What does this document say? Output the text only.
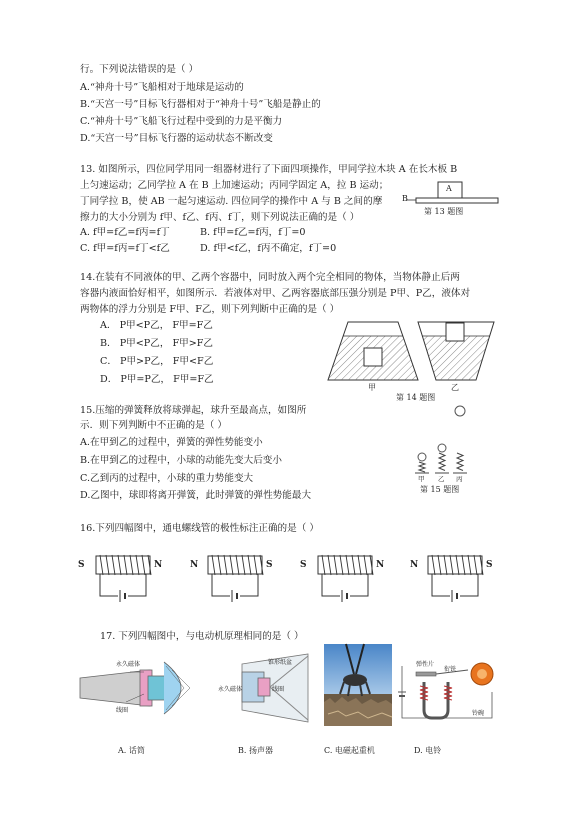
行。下列说法错误的是（ ）
A.“神舟十号”飞船相对于地球是运动的
B.“天宫一号”目标飞行器相对于“神舟十号”飞船是静止的
C.“神舟十号”飞船飞行过程中受到的力是平衡力
D.“天宫一号”目标飞行器的运动状态不断改变
13. 如图所示，四位同学用同一组器材进行了下面四项操作，甲同学拉木块 A 在长木板 B
上匀速运动；乙同学拉 A 在 B 上加速运动；丙同学固定 A，拉 B 运动；
丁同学拉 B，使 AB 一起匀速运动. 四位同学的操作中 A 与 B 之间的摩
擦力的大小分别为 f甲、f乙、f丙、f丁，则下列说法正确的是（ ）
A. f甲=f乙=f丙=f丁	B. f甲=f乙=f丙，f丁=0
C. f甲=f丙=f丁<f乙	D. f甲<f乙，f丙不确定，f丁=0
A
B
第 13 题图
14.在装有不同液体的甲、乙两个容器中，同时放入两个完全相同的物体，当物体静止后两
容器内液面恰好相平，如图所示．若液体对甲、乙两容器底部压强分别是 P甲、P乙，液体对
两物体的浮力分别是 F甲、F乙，则下列判断中正确的是（ ）
A． P甲<P乙， F甲=F乙
B． P甲<P乙， F甲>F乙
C． P甲>P乙， F甲<F乙
D． P甲=P乙， F甲=F乙
甲	乙
第 14 题图
15.压缩的弹簧释放将球弹起，球升至最高点，如图所
示．则下列判断中不正确的是（ ）
A.在甲到乙的过程中，弹簧的弹性势能变小
B.在甲到乙的过程中，小球的动能先变大后变小
C.乙到丙的过程中，小球的重力势能变大
D.乙图中，球即将离开弹簧，此时弹簧的弹性势能最大
甲 乙 丙
第 15 题图
16.下列四幅图中，通电螺线管的极性标注正确的是（ ）
S	N	N	S	S	N	N	S
17. 下列四幅图中，与电动机原理相同的是（ ）
永久磁体
线圈
永久磁体
锥形纸盆
线圈
弹性片
衔铁
铃碗
A. 话筒	B. 扬声器	C. 电磁起重机	D. 电铃
